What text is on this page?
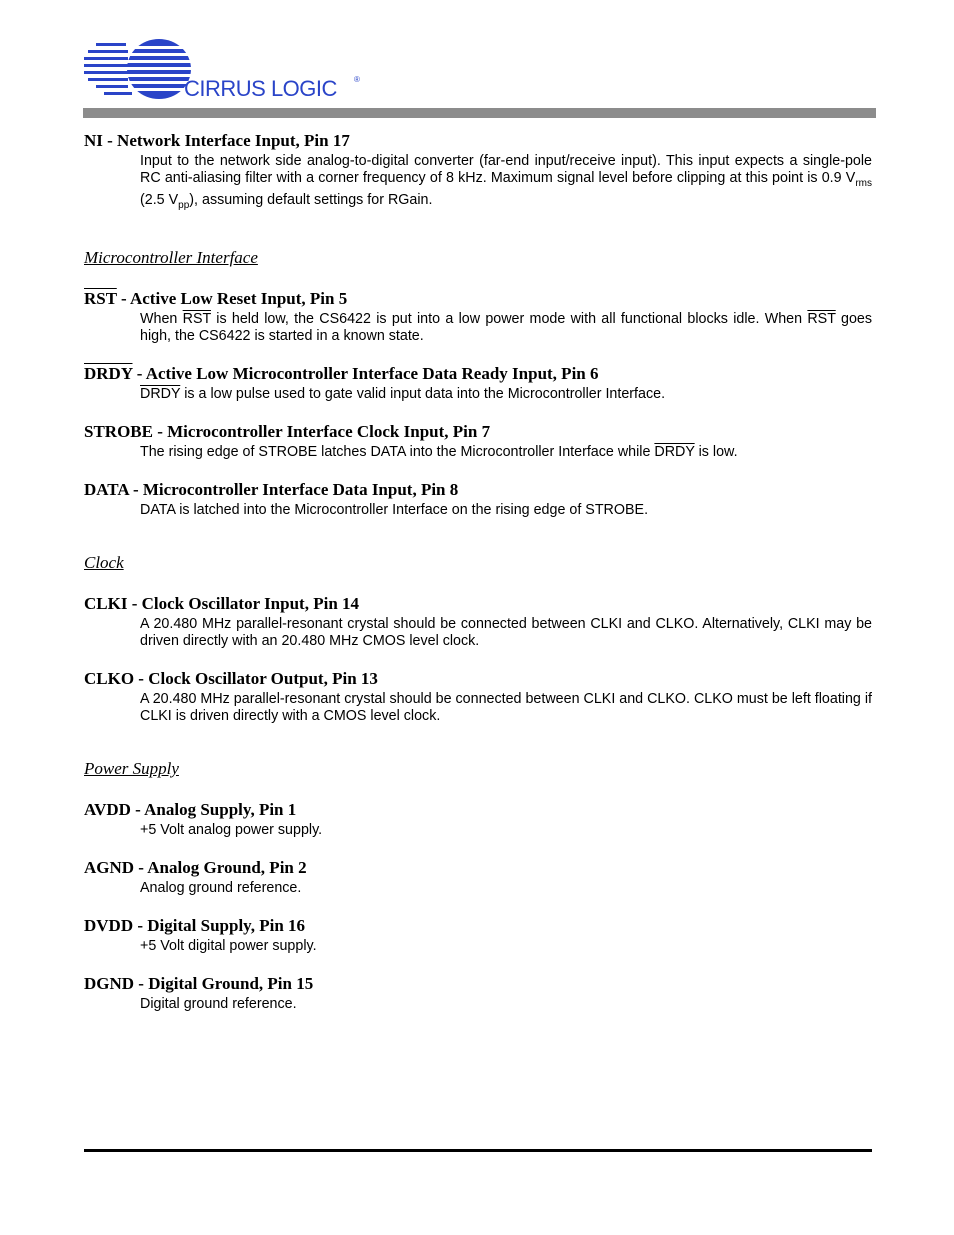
CIRRUS LOGIC ®

NI - Network Interface Input, Pin 17

Input to the network side analog-to-digital converter (far-end input/receive input). This input expects a single-pole RC anti-aliasing filter with a corner frequency of 8 kHz. Maximum signal level before clipping at this point is 0.9 $V_{rms}$ (2.5 $V_{pp}$), assuming default settings for RGain.

Microcontroller Interface

$\overline{RST}$ - Active Low Reset Input, Pin 5

When $\overline{RST}$ is held low, the CS6422 is put into a low power mode with all functional blocks idle. When $\overline{RST}$ goes high, the CS6422 is started in a known state.

DRDY - Active Low Microcontroller Interface Data Ready Input, Pin 6

DRDY is a low pulse used to gate valid input data into the Microcontroller Interface.

STROBE - Microcontroller Interface Clock Input, Pin 7

The rising edge of STROBE latches DATA into the Microcontroller Interface while DRDY is low.

DATA - Microcontroller Interface Data Input, Pin 8

DATA is latched into the Microcontroller Interface on the rising edge of STROBE.

Clock

CLKI - Clock Oscillator Input, Pin 14

A 20.480 MHz parallel-resonant crystal should be connected between CLKI and CLKO. Alternatively, CLKI may be driven directly with an 20.480 MHz CMOS level clock.

CLKO - Clock Oscillator Output, Pin 13

A 20.480 MHz parallel-resonant crystal should be connected between CLKI and CLKO. CLKO must be left floating if CLKI is driven directly with a CMOS level clock.

Power Supply

AVDD - Analog Supply, Pin 1

+5 Volt analog power supply.

AGND - Analog Ground, Pin 2

Analog ground reference.

DVDD - Digital Supply, Pin 16

+5 Volt digital power supply.

DGND - Digital Ground, Pin 15

Digital ground reference.
